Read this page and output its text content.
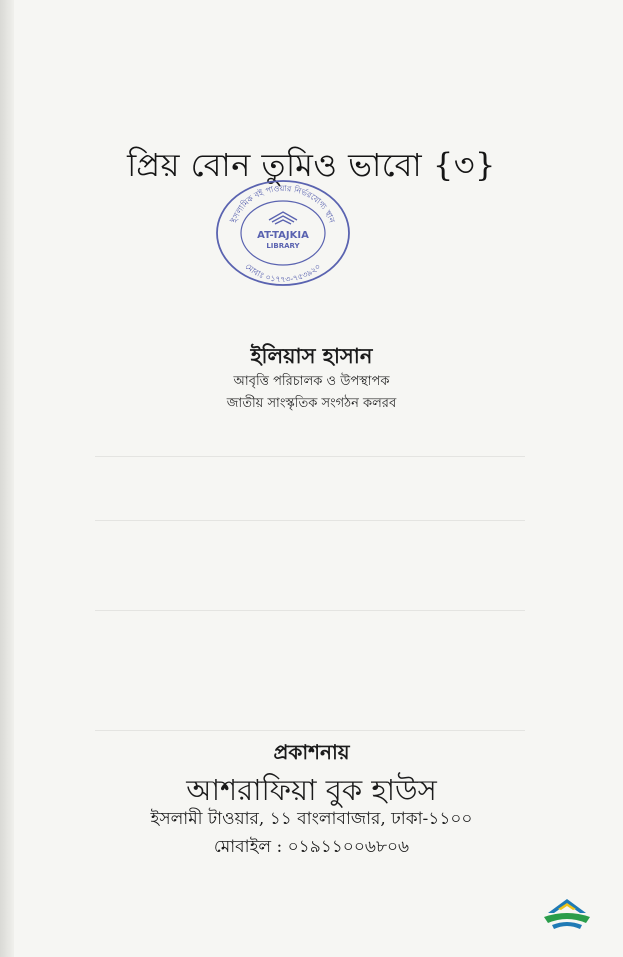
প্রিয় বোন তুমিও ভাবো {৩}
ইসলামিক বই পাওয়ার নির্ভরযোগ্য স্থান
মোবাঃ ০১৭৭৩-৭৫৩৯২০
AT-TAJKIA
LIBRARY
ইলিয়াস হাসান
আবৃত্তি পরিচালক ও উপস্থাপক
জাতীয় সাংস্কৃতিক সংগঠন কলরব
প্রকাশনায়
আশরাফিয়া বুক হাউস
ইসলামী টাওয়ার, ১১ বাংলাবাজার, ঢাকা-১১০০
মোবাইল : ০১৯১১০০৬৮০৬
